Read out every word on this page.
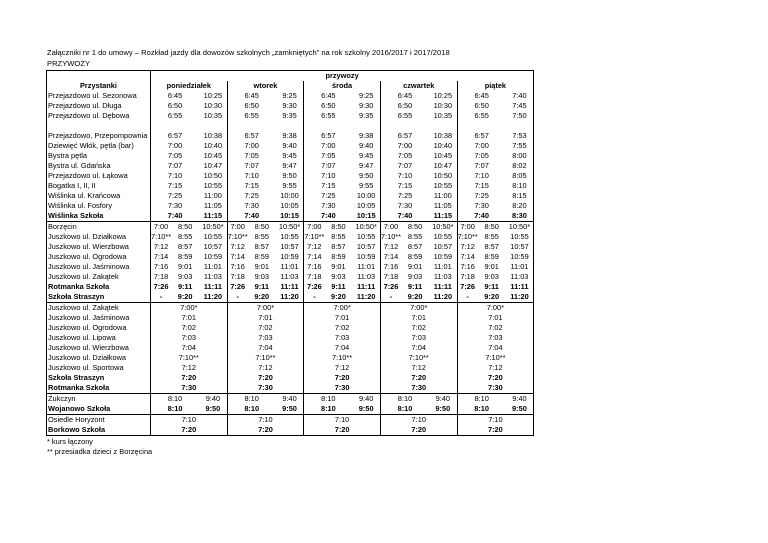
Załączniki nr 1 do umowy – Rozkład jazdy dla dowozów szkolnych „zamkniętych” na rok szkolny 2016/2017 i 2017/2018
PRZYWOZY
	przywozy														
Przystanki	poniedziałek			wtorek			środa			czwartek			piątek		
Przejazdowo ul. Sezonowa	6:45		10:25	6:45		9:25	6:45		9:25	6:45		10:25	6:45		7:40
Przejazdowo ul. Długa	6:50		10:30	6:50		9:30	6:50		9:30	6:50		10:30	6:50		7:45
Przejazdowo ul. Dębowa	6:55		10:35	6:55		9:35	6:55		9:35	6:55		10:35	6:55		7:50

Przejazdowo, Przepompownia	6:57		10:38	6:57		9:38	6:57		9:38	6:57		10:38	6:57		7:53
Dziewięć Włók, pętla (bar)	7:00		10:40	7:00		9:40	7:00		9:40	7:00		10:40	7:00		7:55
Bystra pętla	7:05		10:45	7:05		9:45	7:05		9:45	7:05		10:45	7:05		8:00
Bystra ul. Gdańska	7:07		10:47	7:07		9:47	7:07		9:47	7:07		10:47	7:07		8:02
Przejazdowo ul. Łąkowa	7:10		10:50	7:10		9:50	7:10		9:50	7:10		10:50	7:10		8:05
Bogatka I, II, II	7:15		10:55	7:15		9:55	7:15		9:55	7:15		10:55	7:15		8:10
Wiślinka ul. Krańcowa	7:25		11:00	7:25		10:00	7:25		10:00	7:25		11:00	7:25		8:15
Wiślinka ul. Fosfory	7:30		11:05	7:30		10:05	7:30		10:05	7:30		11:05	7:30		8:20
Wiślinka Szkoła	7:40		11:15	7:40		10:15	7:40		10:15	7:40		11:15	7:40		8:30
Borzęcin	7:00	8:50	10:50*	7:00	8:50	10:50*	7:00	8:50	10:50*	7:00	8:50	10:50*	7:00	8:50	10:50*
Juszkowo ul. Działkowa	7:10**	8:55	10:55	7:10**	8:55	10:55	7:10**	8:55	10:55	7:10**	8:55	10:55	7:10**	8:55	10:55
Juszkowo ul. Wierzbowa	7:12	8:57	10:57	7:12	8:57	10:57	7:12	8:57	10:57	7:12	8:57	10:57	7:12	8:57	10:57
Juszkowo ul. Ogrodowa	7:14	8:59	10:59	7:14	8:59	10:59	7:14	8:59	10:59	7:14	8:59	10:59	7:14	8:59	10:59
Juszkowo ul. Jaśminowa	7:16	9:01	11:01	7:16	9:01	11:01	7:16	9:01	11:01	7:16	9:01	11:01	7:16	9:01	11:01
Juszkowo ul. Zakątek	7:18	9:03	11:03	7:18	9:03	11:03	7:18	9:03	11:03	7:18	9:03	11:03	7:18	9:03	11:03
Rotmanka Szkoła	7:26	9:11	11:11	7:26	9:11	11:11	7:26	9:11	11:11	7:26	9:11	11:11	7:26	9:11	11:11
Szkoła Straszyn	-	9:20	11:20	-	9:20	11:20	-	9:20	11:20	-	9:20	11:20	-	9:20	11:20
Juszkowo ul. Zakątek	7:00*			7:00*			7:00*			7:00*			7:00*		
Juszkowo ul. Jaśminowa	7:01			7:01			7:01			7:01			7:01		
Juszkowo ul. Ogrodowa	7:02			7:02			7:02			7:02			7:02		
Juszkowo ul. Lipowa	7:03			7:03			7:03			7:03			7:03		
Juszkowo ul. Wierzbowa	7:04			7:04			7:04			7:04			7:04		
Juszkowo ul. Działkowa	7:10**			7:10**			7:10**			7:10**			7:10**		
Juszkowo ul. Sportowa	7:12			7:12			7:12			7:12			7:12		
Szkoła Straszyn	7:20			7:20			7:20			7:20			7:20		
Rotmanka Szkoła	7:30			7:30			7:30			7:30			7:30		
Żukczyn	8:10		9:40	8:10		9:40	8:10		9:40	8:10		9:40	8:10		9:40
Wojanowo Szkoła	8:10		9:50	8:10		9:50	8:10		9:50	8:10		9:50	8:10		9:50
Osiedle Horyzont	7:10			7:10			7:10			7:10			7:10		
Borkowo Szkoła	7:20			7:20			7:20			7:20			7:20		
* kurs łączony
** przesiadka dzieci z Borzęcina
